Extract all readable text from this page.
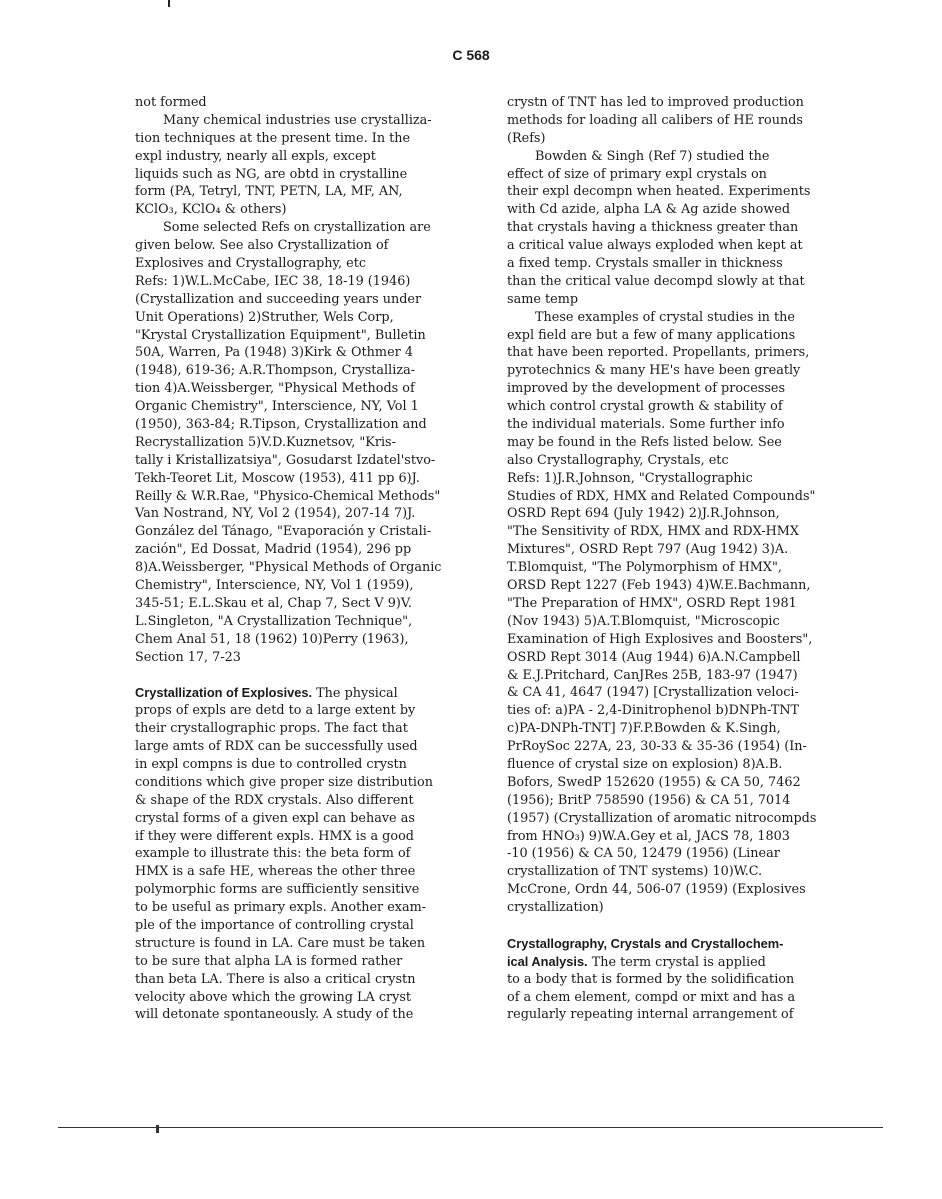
C 568
not formed
Many chemical industries use crystalliza-
tion techniques at the present time. In the
expl industry, nearly all expls, except
liquids such as NG, are obtd in crystalline
form (PA, Tetryl, TNT, PETN, LA, MF, AN,
KClO₃, KClO₄ & others)
Some selected Refs on crystallization are
given below. See also Crystallization of
Explosives and Crystallography, etc
Refs: 1)W.L.McCabe, IEC 38, 18-19 (1946)
(Crystallization and succeeding years under
Unit Operations) 2)Struther, Wels Corp,
"Krystal Crystallization Equipment", Bulletin
50A, Warren, Pa (1948) 3)Kirk & Othmer 4
(1948), 619-36; A.R.Thompson, Crystalliza-
tion 4)A.Weissberger, "Physical Methods of
Organic Chemistry", Interscience, NY, Vol 1
(1950), 363-84; R.Tipson, Crystallization and
Recrystallization 5)V.D.Kuznetsov, "Kris-
tally i Kristallizatsiya", Gosudarst Izdatel'stvo-
Tekh-Teoret Lit, Moscow (1953), 411 pp 6)J.
Reilly & W.R.Rae, "Physico-Chemical Methods"
Van Nostrand, NY, Vol 2 (1954), 207-14 7)J.
González del Tánago, "Evaporación y Cristali-
zación", Ed Dossat, Madrid (1954), 296 pp
8)A.Weissberger, "Physical Methods of Organic
Chemistry", Interscience, NY, Vol 1 (1959),
345-51; E.L.Skau et al, Chap 7, Sect V 9)V.
L.Singleton, "A Crystallization Technique",
Chem Anal 51, 18 (1962) 10)Perry (1963),
Section 17, 7-23
Crystallization of Explosives. The physical
props of expls are detd to a large extent by
their crystallographic props. The fact that
large amts of RDX can be successfully used
in expl compns is due to controlled crystn
conditions which give proper size distribution
& shape of the RDX crystals. Also different
crystal forms of a given expl can behave as
if they were different expls. HMX is a good
example to illustrate this: the beta form of
HMX is a safe HE, whereas the other three
polymorphic forms are sufficiently sensitive
to be useful as primary expls. Another exam-
ple of the importance of controlling crystal
structure is found in LA. Care must be taken
to be sure that alpha LA is formed rather
than beta LA. There is also a critical crystn
velocity above which the growing LA cryst
will detonate spontaneously. A study of the
crystn of TNT has led to improved production
methods for loading all calibers of HE rounds
(Refs)
Bowden & Singh (Ref 7) studied the
effect of size of primary expl crystals on
their expl decompn when heated. Experiments
with Cd azide, alpha LA & Ag azide showed
that crystals having a thickness greater than
a critical value always exploded when kept at
a fixed temp. Crystals smaller in thickness
than the critical value decompd slowly at that
same temp
These examples of crystal studies in the
expl field are but a few of many applications
that have been reported. Propellants, primers,
pyrotechnics & many HE's have been greatly
improved by the development of processes
which control crystal growth & stability of
the individual materials. Some further info
may be found in the Refs listed below. See
also Crystallography, Crystals, etc
Refs: 1)J.R.Johnson, "Crystallographic
Studies of RDX, HMX and Related Compounds"
OSRD Rept 694 (July 1942) 2)J.R.Johnson,
"The Sensitivity of RDX, HMX and RDX-HMX
Mixtures", OSRD Rept 797 (Aug 1942) 3)A.
T.Blomquist, "The Polymorphism of HMX",
ORSD Rept 1227 (Feb 1943) 4)W.E.Bachmann,
"The Preparation of HMX", OSRD Rept 1981
(Nov 1943) 5)A.T.Blomquist, "Microscopic
Examination of High Explosives and Boosters",
OSRD Rept 3014 (Aug 1944) 6)A.N.Campbell
& E.J.Pritchard, CanJRes 25B, 183-97 (1947)
& CA 41, 4647 (1947) [Crystallization veloci-
ties of: a)PA - 2,4-Dinitrophenol b)DNPh-TNT
c)PA-DNPh-TNT] 7)F.P.Bowden & K.Singh,
PrRoySoc 227A, 23, 30-33 & 35-36 (1954) (In-
fluence of crystal size on explosion) 8)A.B.
Bofors, SwedP 152620 (1955) & CA 50, 7462
(1956); BritP 758590 (1956) & CA 51, 7014
(1957) (Crystallization of aromatic nitrocompds
from HNO₃) 9)W.A.Gey et al, JACS 78, 1803
-10 (1956) & CA 50, 12479 (1956) (Linear
crystallization of TNT systems) 10)W.C.
McCrone, Ordn 44, 506-07 (1959) (Explosives
crystallization)
Crystallography, Crystals and Crystallochem-
ical Analysis. The term crystal is applied
to a body that is formed by the solidification
of a chem element, compd or mixt and has a
regularly repeating internal arrangement of
